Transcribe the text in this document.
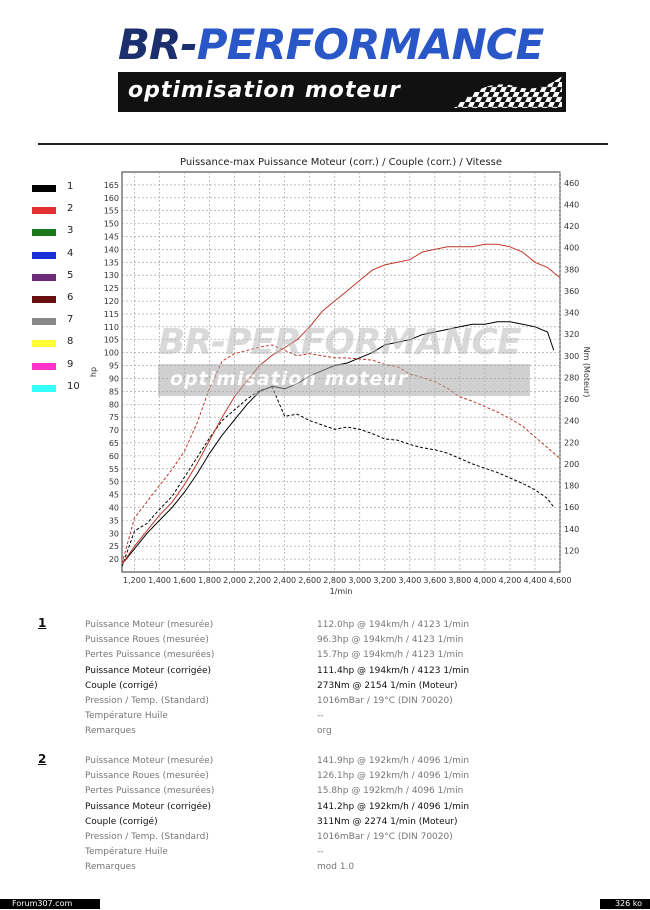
BR-PERFORMANCE
optimisation moteur
1
2
3
4
5
6
7
8
9
10
1,200 1,400 1,600 1,800 2,000 2,200 2,400 2,600 2,800 3,000 3,200 3,400 3,600 3,800 4,000 4,200 4,400 4,600
20
25
30
35
40
45
50
55
60
65
70
75
80
85
90
95
100
105
110
115
120
125
130
135
140
145
150
155
160
165
120
140
160
180
200
220
240
260
280
300
320
340
360
380
400
420
440
460
Puissance-max Puissance Moteur (corr.) / Couple (corr.) / Vitesse
1/min
hp	Nm (Moteur)
BR-PERFORMANCE
optimisation moteur
1	Puissance Moteur (mesurée)	112.0hp @ 194km/h / 4123 1/min
Puissance Roues (mesurée)	96.3hp @ 194km/h / 4123 1/min
Pertes Puissance (mesurées)	15.7hp @ 194km/h / 4123 1/min
Puissance Moteur (corrigée)	111.4hp @ 194km/h / 4123 1/min
Couple (corrigé)	273Nm @ 2154 1/min (Moteur)
Pression / Temp. (Standard)	1016mBar / 19°C (DIN 70020)
Température Huile	--
Remarques	org
2	Puissance Moteur (mesurée)	141.9hp @ 192km/h / 4096 1/min
Puissance Roues (mesurée)	126.1hp @ 192km/h / 4096 1/min
Pertes Puissance (mesurées)	15.8hp @ 192km/h / 4096 1/min
Puissance Moteur (corrigée)	141.2hp @ 192km/h / 4096 1/min
Couple (corrigé)	311Nm @ 2274 1/min (Moteur)
Pression / Temp. (Standard)	1016mBar / 19°C (DIN 70020)
Température Huile	--
Remarques	mod 1.0
Forum307.com	326 ko
